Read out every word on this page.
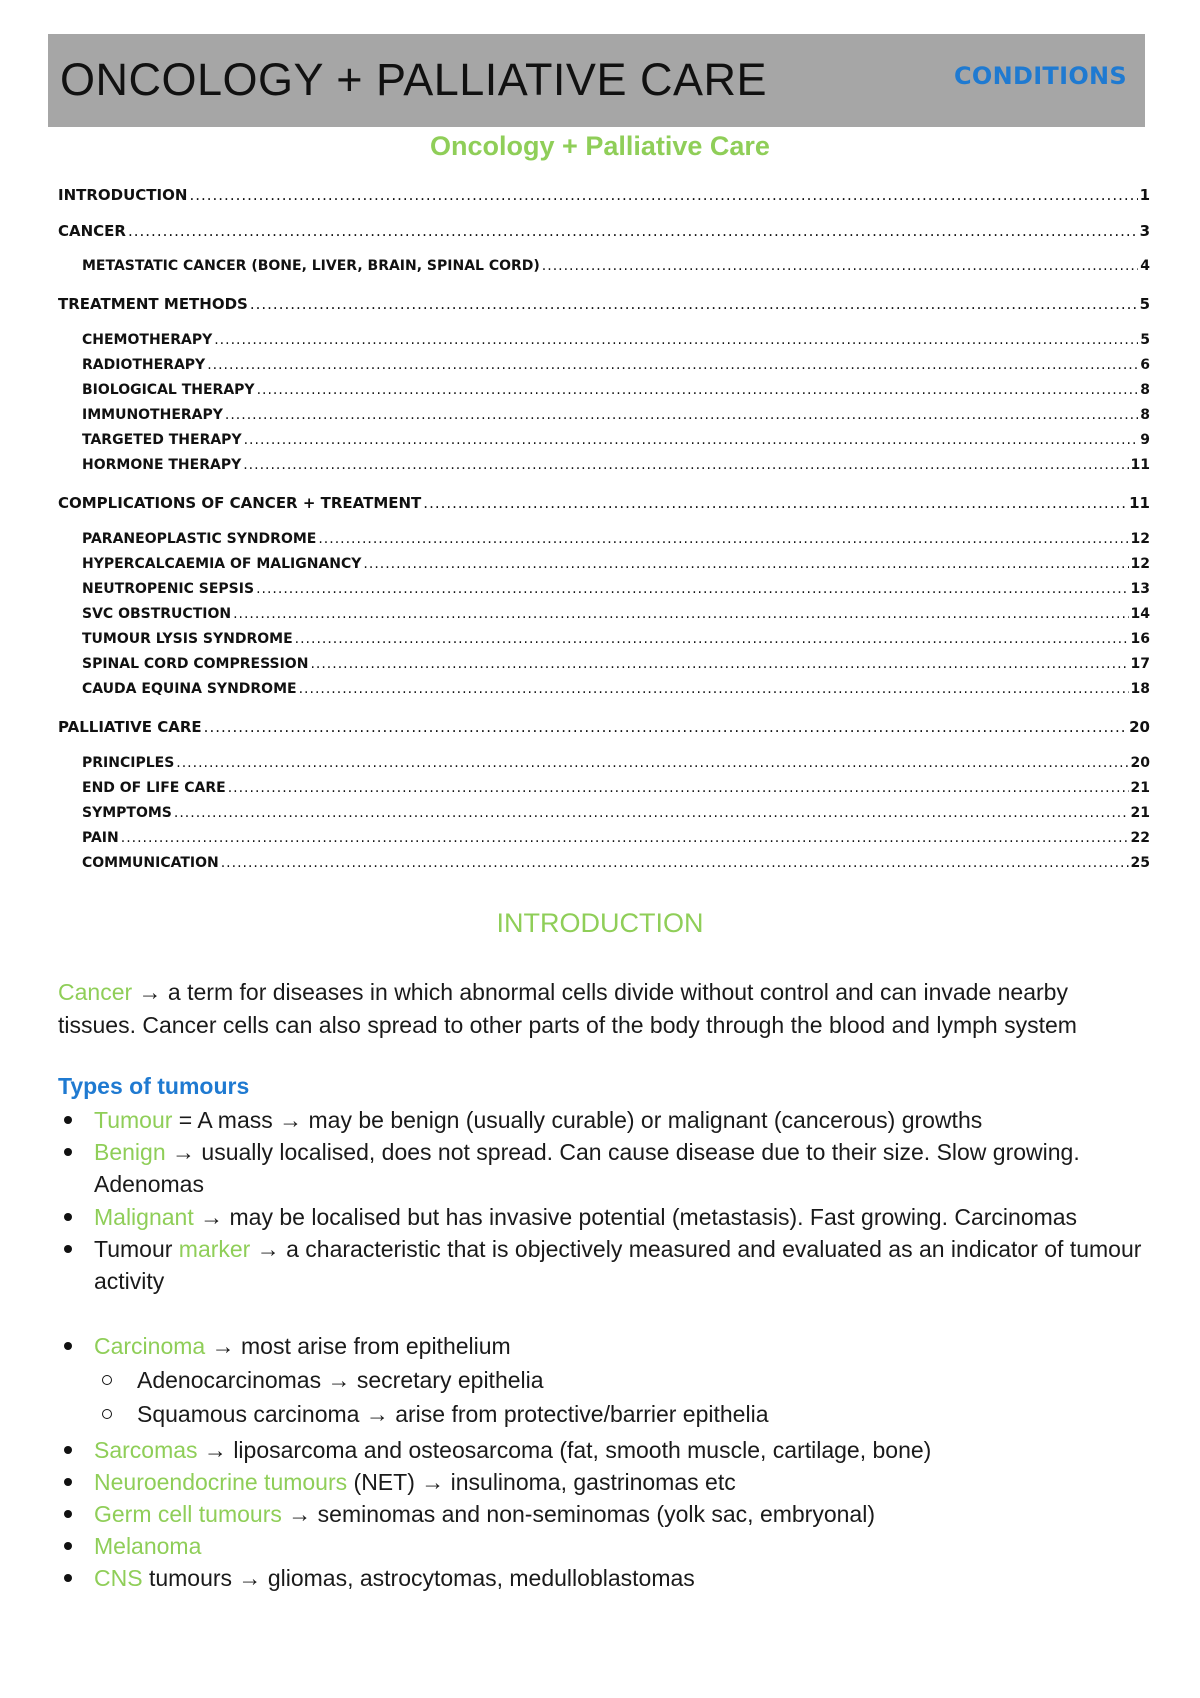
ONCOLOGY + PALLIATIVE CARE	CONDITIONS
Oncology + Palliative Care
INTRODUCTION .....	1
CANCER .....	3
METASTATIC CANCER (BONE, LIVER, BRAIN, SPINAL CORD) .....	4
TREATMENT METHODS .....	5
CHEMOTHERAPY .....	5
RADIOTHERAPY .....	6
BIOLOGICAL THERAPY .....	8
IMMUNOTHERAPY .....	8
TARGETED THERAPY .....	9
HORMONE THERAPY .....	11
COMPLICATIONS OF CANCER + TREATMENT .....	11
PARANEOPLASTIC SYNDROME .....	12
HYPERCALCAEMIA OF MALIGNANCY .....	12
NEUTROPENIC SEPSIS .....	13
SVC OBSTRUCTION .....	14
TUMOUR LYSIS SYNDROME .....	16
SPINAL CORD COMPRESSION .....	17
CAUDA EQUINA SYNDROME .....	18
PALLIATIVE CARE .....	20
PRINCIPLES .....	20
END OF LIFE CARE .....	21
SYMPTOMS .....	21
PAIN .....	22
COMMUNICATION .....	25
INTRODUCTION
Cancer → a term for diseases in which abnormal cells divide without control and can invade nearby tissues. Cancer cells can also spread to other parts of the body through the blood and lymph system
Types of tumours
Tumour = A mass → may be benign (usually curable) or malignant (cancerous) growths
Benign → usually localised, does not spread. Can cause disease due to their size. Slow growing. Adenomas
Malignant → may be localised but has invasive potential (metastasis). Fast growing. Carcinomas
Tumour marker → a characteristic that is objectively measured and evaluated as an indicator of tumour activity
Carcinoma → most arise from epithelium
Adenocarcinomas → secretary epithelia
Squamous carcinoma → arise from protective/barrier epithelia
Sarcomas → liposarcoma and osteosarcoma (fat, smooth muscle, cartilage, bone)
Neuroendocrine tumours (NET) → insulinoma, gastrinomas etc
Germ cell tumours → seminomas and non-seminomas (yolk sac, embryonal)
Melanoma
CNS tumours → gliomas, astrocytomas, medulloblastomas
